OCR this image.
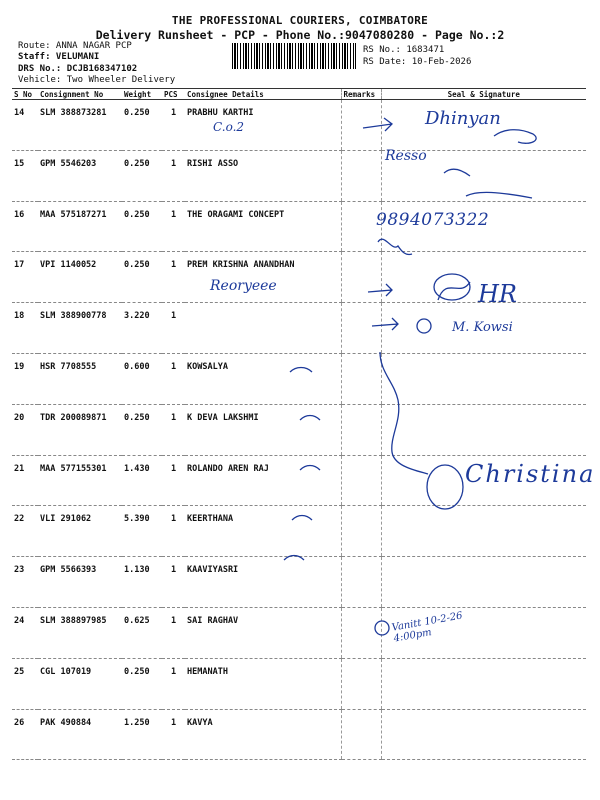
THE PROFESSIONAL COURIERS, COIMBATORE
Delivery Runsheet - PCP - Phone No.:9047080280 - Page No.:2
Route: ANNA NAGAR PCP
Staff: VELUMANI
DRS No.: DCJB168347102
Vehicle: Two Wheeler Delivery
RS No.: 1683471
RS Date: 10-Feb-2026
S No	Consignment No	Weight	PCS	Consignee Details	Remarks	Seal & Signature
14	SLM 388873281	0.250	1	PRABHU KARTHI		
15	GPM 5546203	0.250	1	RISHI ASSO		
16	MAA 575187271	0.250	1	THE ORAGAMI CONCEPT		
17	VPI 1140052	0.250	1	PREM KRISHNA ANANDHAN		
18	SLM 388900778	3.220	1			
19	HSR 7708555	0.600	1	KOWSALYA		
20	TDR 200089871	0.250	1	K DEVA LAKSHMI		
21	MAA 577155301	1.430	1	ROLANDO AREN RAJ		
22	VLI 291062	5.390	1	KEERTHANA		
23	GPM 5566393	1.130	1	KAAVIYASRI		
24	SLM 388897985	0.625	1	SAI RAGHAV		
25	CGL 107019	0.250	1	HEMANATH		
26	PAK 490884	1.250	1	KAVYA		
C.o.2	Dhinyan
Resso
9894073322
Reoryeee	HR
M. Kowsi
Christina
Vanitt 10-2-26 4:00pm
